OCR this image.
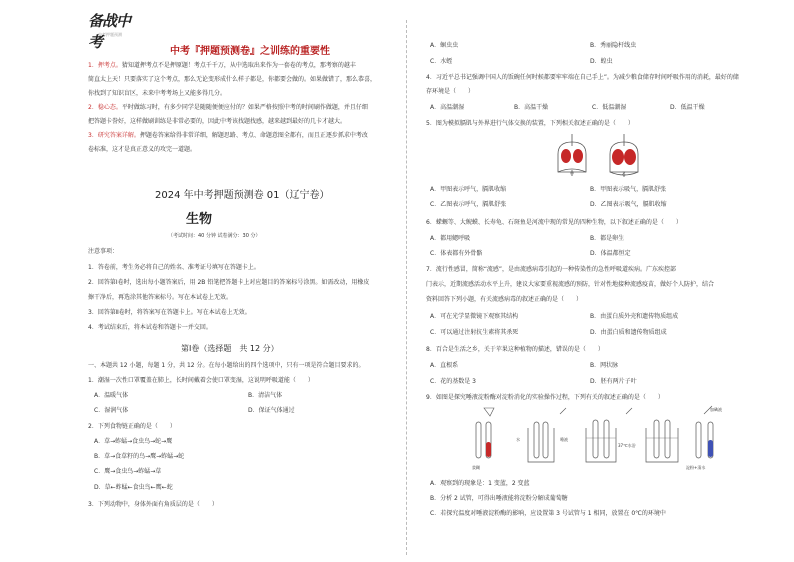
备战中考
中考押题预测
中考『押题预测卷』之训练的重要性
1．押考点。猜知道押考点不是押原题！考点千千万，从中选取出来作为一套卷的考点，那考察的越丰
简直太上天！只要落实了这个考点，那么无论变形成什么样子都是，你都要会做的。如果做错了，那么恭喜，
你找到了知识盲区，未来中考考场上又能多得几分。
2．稳心态。平时做练习时，有多少同学是随随便便应付的？如果严格按照中考的时间刷作做题，并且仔细
把答题卡誊好，这样做刷训练是非常必要的，因此中考该找题找感，越来越到最好的几卡才越大。
3．研究答案详解。押题卷答案给得非常详细，解题思路、考点、命题意图全都有，而且正逐步抓求中考改
卷标准，这才是真正意义的攻完一道题。
2024 年中考押题预测卷 01（辽宁卷）
生物
（考试时间：40 分钟 试卷满分：30 分）
注意事项：
1．答卷前，考生务必将自己的姓名、准考证号填写在答题卡上。
2．回答第Ⅰ卷时，选出每小题答案后，用 2B 铅笔把答题卡上对应题目的答案标号涂黑。如需改动，用橡皮
擦干净后，再选涂其他答案标号。写在本试卷上无效。
3．回答第Ⅱ卷时，将答案写在答题卡上。写在本试卷上无效。
4．考试结束后，将本试卷和答题卡一并交回。
第Ⅰ卷（选择题　共 12 分）
一、本题共 12 小题，每题 1 分，共 12 分。在每小题给出的四个选项中，只有一项是符合题目要求的。
1．潮湿一次性口罩覆盖在肺上，长时间戴着会使口罩变湿，这说明呼吸道能（　　）
A．温暖气体	B．清洁气体
C．湿润气体	D．保证气体通过
2．下列食物链正确的是（　　）
A．草→蚱蜢→食虫鸟→蛇→鹰
B．草→食草籽的鸟→鹰→蚱蜢→蛇
C．鹰→食虫鸟→蚱蜢→草
D．草←蚱蜢←食虫鸟←鹰←蛇
3．下列动物中，身体外面有角质层的是（　　）
A．蛔虫虫	B．秀丽隐杆线虫
C．水蛭	D．蝗虫
4．习近平总书记强调中国人的饭碗任何时候都要牢牢端在自己手上”。为减少粮食储存时间呼吸作用的消耗，最好的储
存环境是（　　）
A．高温潮湿	B．高温干燥	C．低温潮湿	D．低温干燥
5．图为模拟膈肌与外界进行气体交换的装置，下列相关叙述正确的是（　　）
甲	乙
A．甲图表示呼气，膈肌收缩	B．甲图表示吸气，膈肌舒张
C．乙图表示呼气，膈肌舒张	D．乙图表示吸气，膈肌收缩
6．蝾螈等、大鲵蟆、长寿龟、石斑鱼是河流中现的常见的四种生物，以下叙述正确的是（　　）
A．都用鳃呼吸	B．都是卵生
C．体表都有外骨骼	D．体温都恒定
7．流行性感冒，简称“流感”，是由流感病毒引起的一种传染性的急性呼吸道疾病。广东疾控部
门表示，近期流感活动水平上升，建议大家要重视流感的预防，针对性地接种流感疫苗，做好个人防护，结合
资料回答下列小题，有关流感病毒的叙述正确的是（　　）
A．可在光学显微镜下观察其结构	B．由蛋白质外壳和遗传物质组成
C．可以通过注射抗生素将其杀死	D．由蛋白质和遗传物质组成
8．百合是生活之乡，关于苹果这种植物的描述，错误的是（　　）
A．直根系	B．网状脉
C．花的基数是 3	D．胚有两片子叶
9．如图是探究唾液淀粉酶对淀粉消化的实验操作过程，下列有关的叙述正确的是（　　）
水	唾液
37℃水浴
加碘液
浆糊	淀粉+清水
A．观察到的现象是：1 变蓝，2 变蓝
B．分析 2 试管，可得出唾液能将淀粉分解成葡萄糖
C．若探究温度对唾液淀粉酶的影响，应设置第 3 号试管与 1 相同，放置在 0℃的环境中
